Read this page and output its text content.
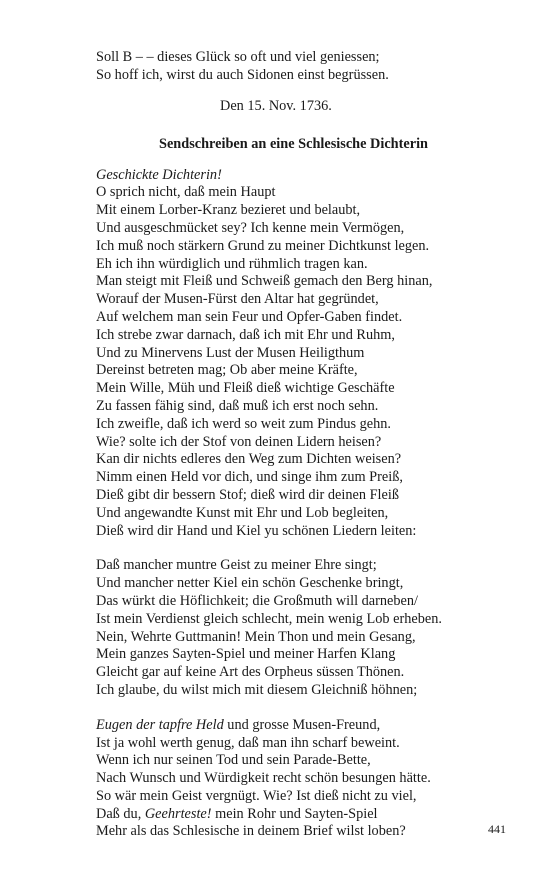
Soll B – – dieses Glück so oft und viel geniessen;
So hoff ich, wirst du auch Sidonen einst begrüssen.
Den 15. Nov. 1736.
Sendschreiben an eine Schlesische Dichterin
Geschickte Dichterin!
O sprich nicht, daß mein Haupt
Mit einem Lorber-Kranz bezieret und belaubt,
Und ausgeschmücket sey? Ich kenne mein Vermögen,
Ich muß noch stärkern Grund zu meiner Dichtkunst legen.
Eh ich ihn würdiglich und rühmlich tragen kan.
Man steigt mit Fleiß und Schweiß gemach den Berg hinan,
Worauf der Musen-Fürst den Altar hat gegründet,
Auf welchem man sein Feur und Opfer-Gaben findet.
Ich strebe zwar darnach, daß ich mit Ehr und Ruhm,
Und zu Minervens Lust der Musen Heiligthum
Dereinst betreten mag; Ob aber meine Kräfte,
Mein Wille, Müh und Fleiß dieß wichtige Geschäfte
Zu fassen fähig sind, daß muß ich erst noch sehn.
Ich zweifle, daß ich werd so weit zum Pindus gehn.
Wie? solte ich der Stof von deinen Lidern heisen?
Kan dir nichts edleres den Weg zum Dichten weisen?
Nimm einen Held vor dich, und singe ihm zum Preiß,
Dieß gibt dir bessern Stof; dieß wird dir deinen Fleiß
Und angewandte Kunst mit Ehr und Lob begleiten,
Dieß wird dir Hand und Kiel yu schönen Liedern leiten:
Daß mancher muntre Geist zu meiner Ehre singt;
Und mancher netter Kiel ein schön Geschenke bringt,
Das würkt die Höflichkeit; die Großmuth will darneben/
Ist mein Verdienst gleich schlecht, mein wenig Lob erheben.
Nein, Wehrte Guttmanin! Mein Thon und mein Gesang,
Mein ganzes Sayten-Spiel und meiner Harfen Klang
Gleicht gar auf keine Art des Orpheus süssen Thönen.
Ich glaube, du wilst mich mit diesem Gleichniß höhnen;
Eugen der tapfre Held und grosse Musen-Freund,
Ist ja wohl werth genug, daß man ihn scharf beweint.
Wenn ich nur seinen Tod und sein Parade-Bette,
Nach Wunsch und Würdigkeit recht schön besungen hätte.
So wär mein Geist vergnügt. Wie? Ist dieß nicht zu viel,
Daß du, Geehrteste! mein Rohr und Sayten-Spiel
Mehr als das Schlesische in deinem Brief wilst loben?	441
